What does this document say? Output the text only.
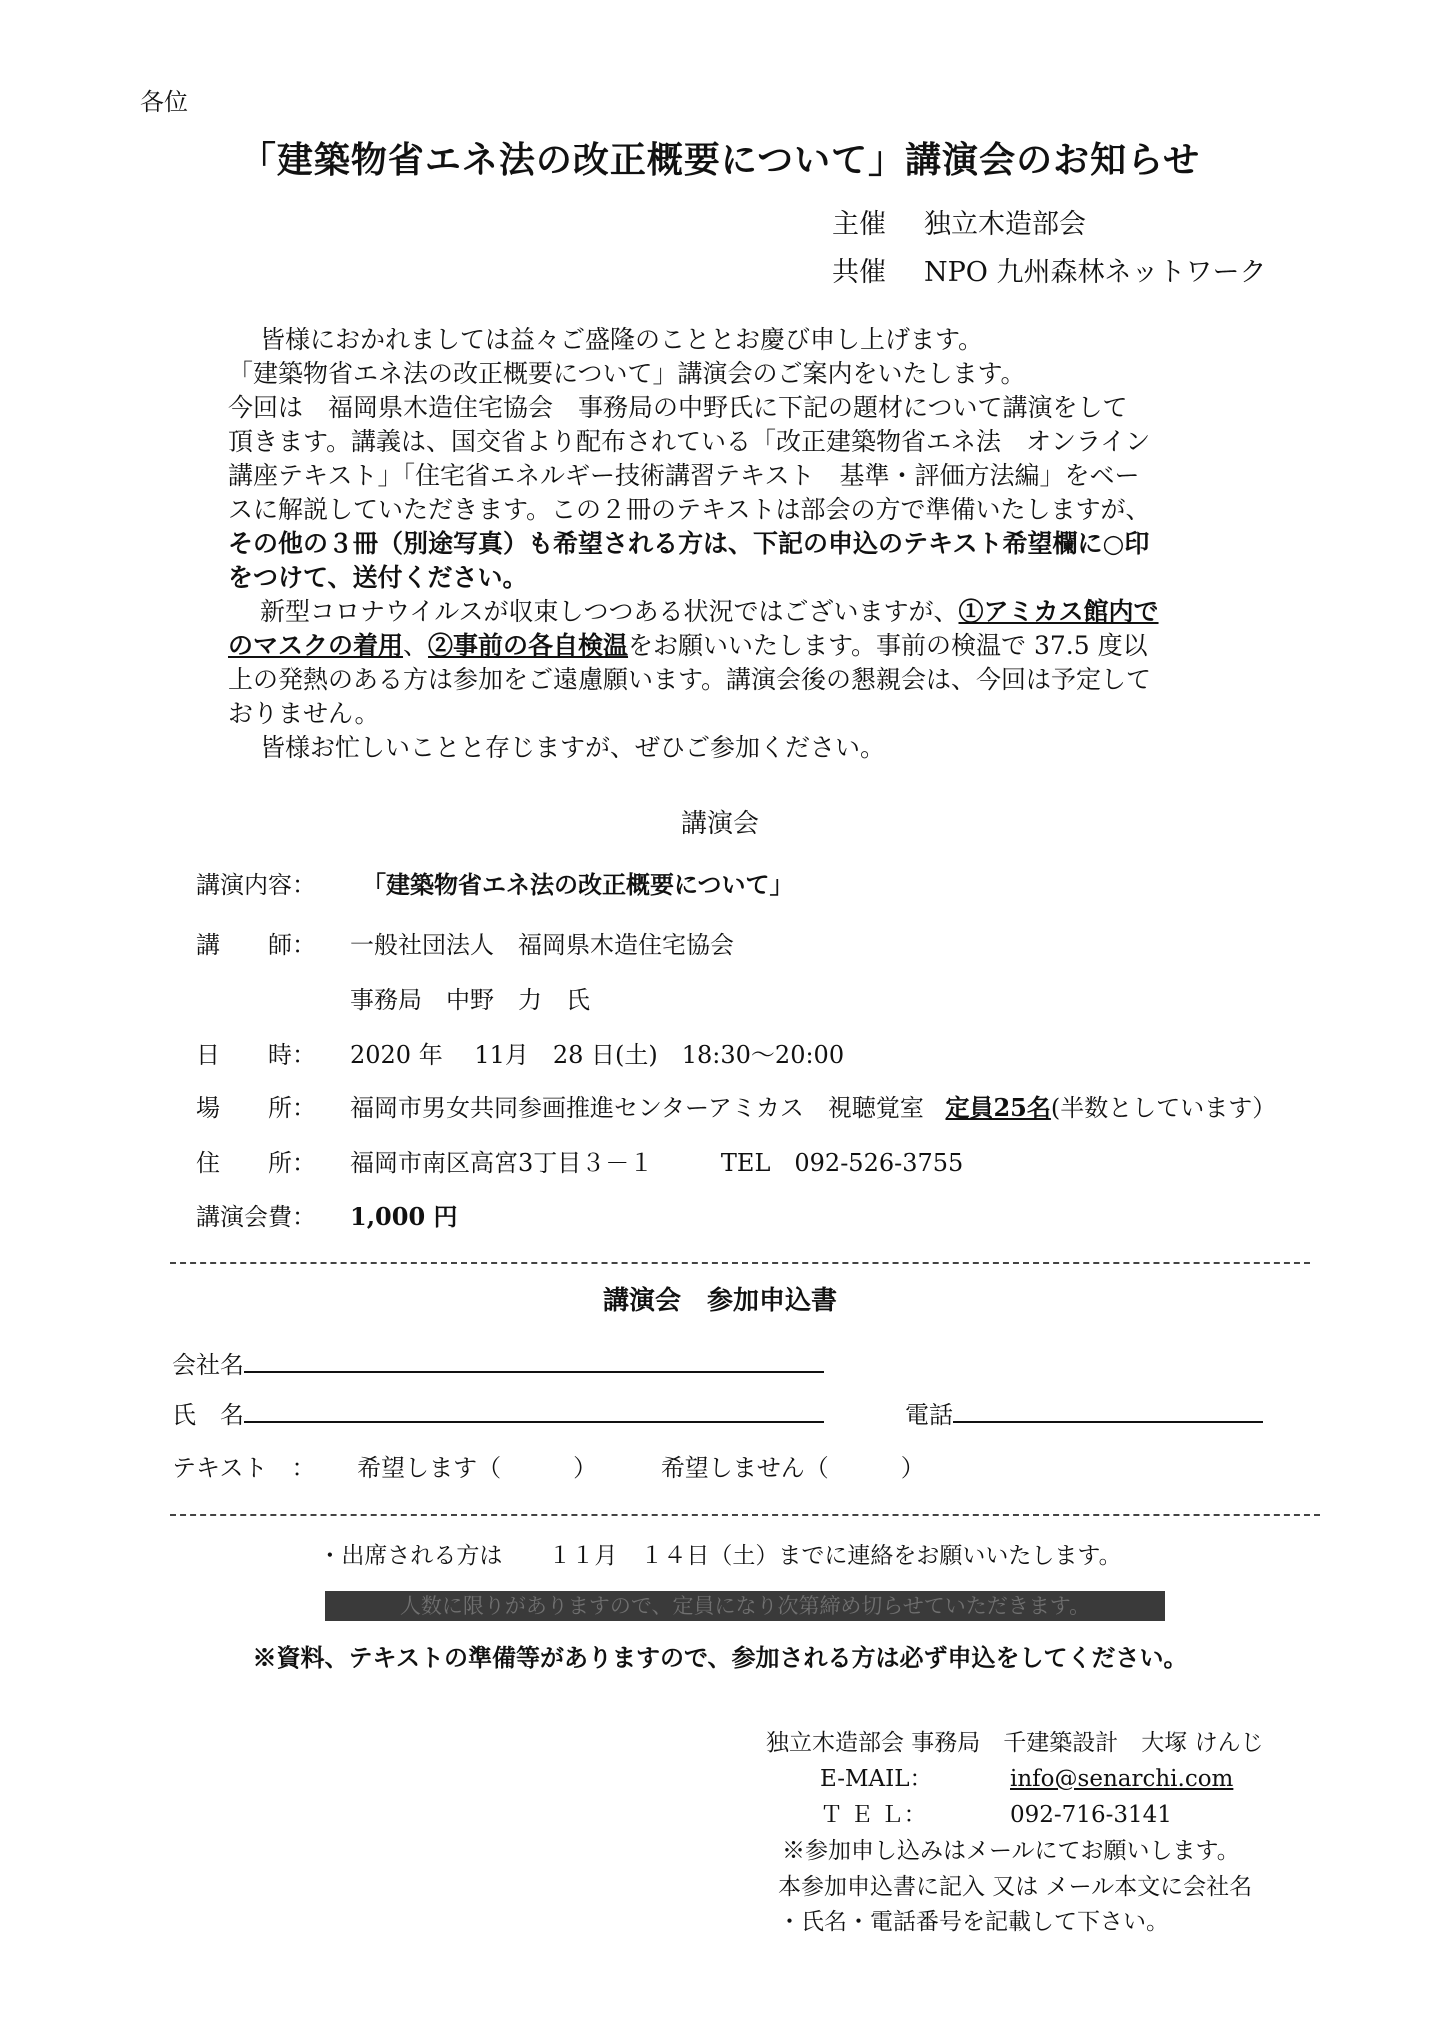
各位
「建築物省エネ法の改正概要について」講演会のお知らせ
主催 独立木造部会
共催 NPO 九州森林ネットワーク

皆様におかれましては益々ご盛隆のこととお慶び申し上げます。

「建築物省エネ法の改正概要について」講演会のご案内をいたします。

今回は　福岡県木造住宅協会　事務局の中野氏に下記の題材について講演をして

頂きます。講義は、国交省より配布されている「改正建築物省エネ法　オンライン

講座テキスト」「住宅省エネルギー技術講習テキスト　基準・評価方法編」をベー

スに解説していただきます。この２冊のテキストは部会の方で準備いたしますが、

その他の３冊（別途写真）も希望される方は、下記の申込のテキスト希望欄に○印

をつけて、送付ください。

新型コロナウイルスが収束しつつある状況ではございますが、①アミカス館内で

のマスクの着用、②事前の各自検温をお願いいたします。事前の検温で 37.5 度以

上の発熱のある方は参加をご遠慮願います。講演会後の懇親会は、今回は予定して

おりません。

皆様お忙しいことと存じますが、ぜひご参加ください。

講演会
講演内容： 「建築物省エネ法の改正概要について」
講　　師： 一般社団法人　福岡県木造住宅協会
事務局　中野　力　氏
日　　時： 2020 年　 11月　28 日(土)　18:30～20:00
場　　所： 福岡市男女共同参画推進センターアミカス　視聴覚室 定員25名(半数としています）
住　　所： 福岡市南区高宮3丁目３－１	TEL　092-526-3755
講演会費： 1,000 円
講演会　参加申込書
会社名
氏　名	電話
テキスト　： 希望します（　　　）	希望しません（　　　）
・出席される方は　　１１月　１４日（土）までに連絡をお願いいたします。
人数に限りがありますので、定員になり次第締め切らせていただきます。
※資料、テキストの準備等がありますので、参加される方は必ず申込をしてください。
独立木造部会 事務局　千建築設計　大塚 けんじ
E-MAIL：	info@senarchi.com
Ｔ Ｅ Ｌ：	092-716-3141
※参加申し込みはメールにてお願いします。
本参加申込書に記入 又は メール本文に会社名
・氏名・電話番号を記載して下さい。
